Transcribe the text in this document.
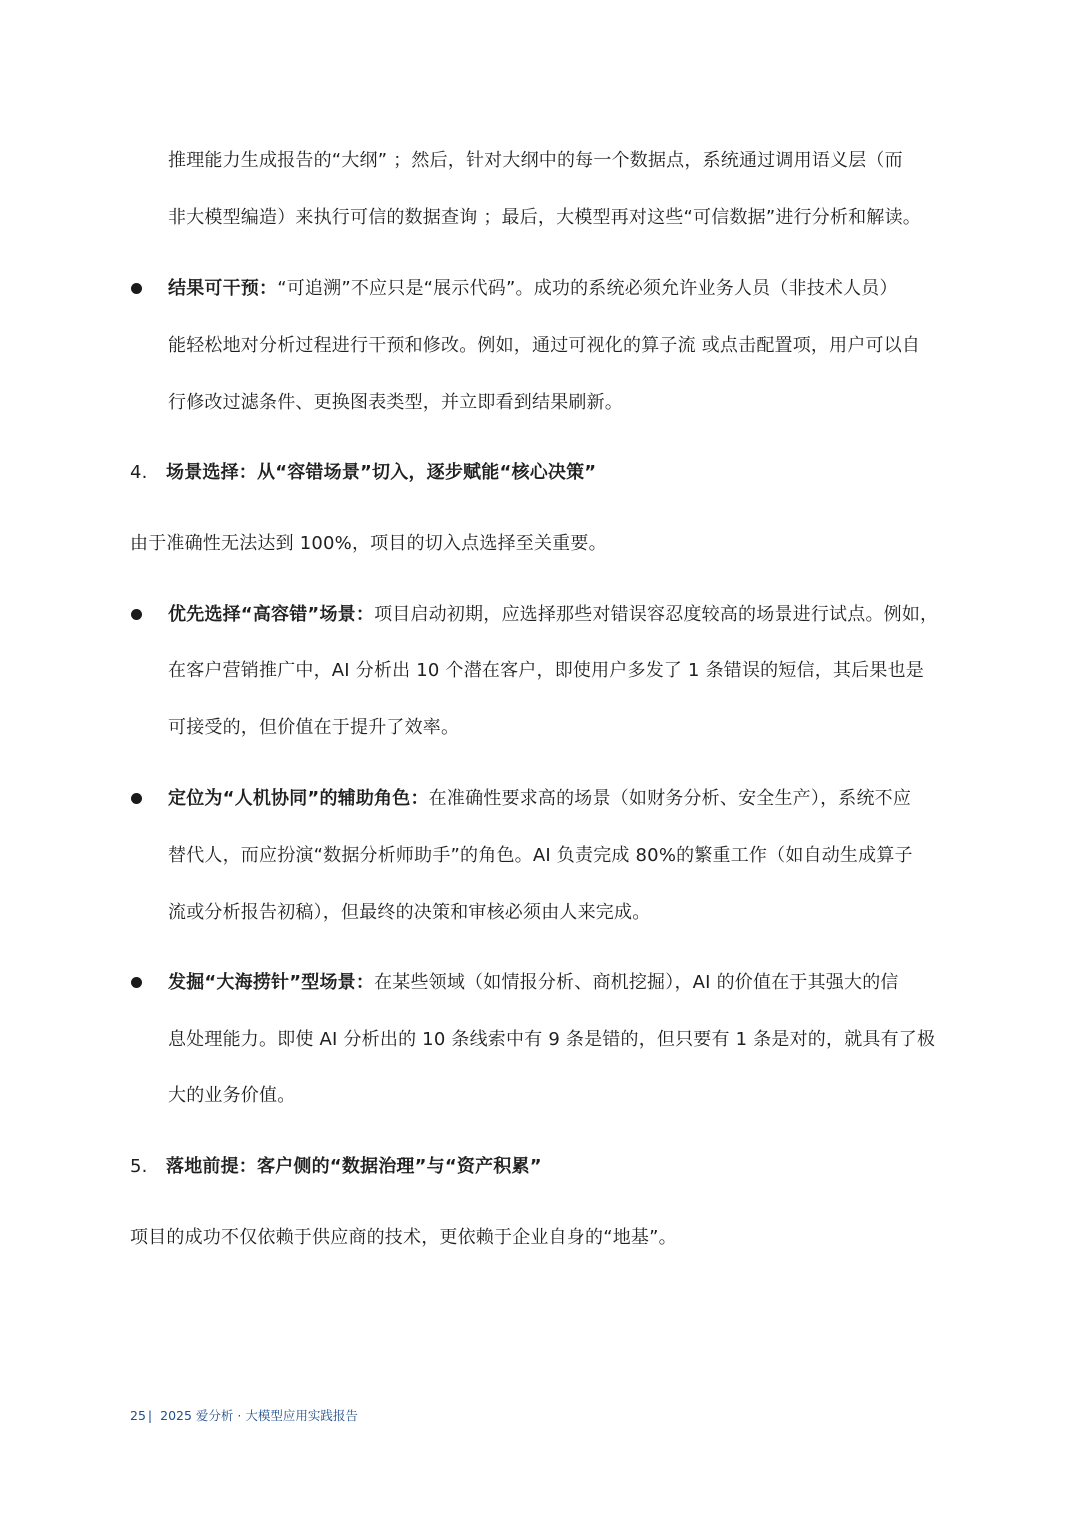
推理能力生成报告的“大纲” ；然后，针对大纲中的每一个数据点，系统通过调用语义层（而
非大模型编造）来执行可信的数据查询 ；最后，大模型再对这些“可信数据”进行分析和解读。
结果可干预：“可追溯”不应只是“展示代码”。成功的系统必须允许业务人员（非技术人员）
能轻松地对分析过程进行干预和修改。例如，通过可视化的算子流 或点击配置项，用户可以自
行修改过滤条件、更换图表类型，并立即看到结果刷新。
4. 场景选择：从“容错场景”切入，逐步赋能“核心决策”
由于准确性无法达到 100%，项目的切入点选择至关重要。
优先选择“高容错”场景：项目启动初期，应选择那些对错误容忍度较高的场景进行试点。例如，
在客户营销推广中，AI 分析出 10 个潜在客户，即使用户多发了 1 条错误的短信，其后果也是
可接受的，但价值在于提升了效率。
定位为“人机协同”的辅助角色：在准确性要求高的场景（如财务分析、安全生产），系统不应
替代人，而应扮演“数据分析师助手”的角色。AI 负责完成 80%的繁重工作（如自动生成算子
流或分析报告初稿），但最终的决策和审核必须由人来完成。
发掘“大海捞针”型场景：在某些领域（如情报分析、商机挖掘），AI 的价值在于其强大的信
息处理能力。即使 AI 分析出的 10 条线索中有 9 条是错的，但只要有 1 条是对的，就具有了极
大的业务价值。
5. 落地前提：客户侧的“数据治理”与“资产积累”
项目的成功不仅依赖于供应商的技术，更依赖于企业自身的“地基”。
25 | 2025 爱分析 · 大模型应用实践报告
